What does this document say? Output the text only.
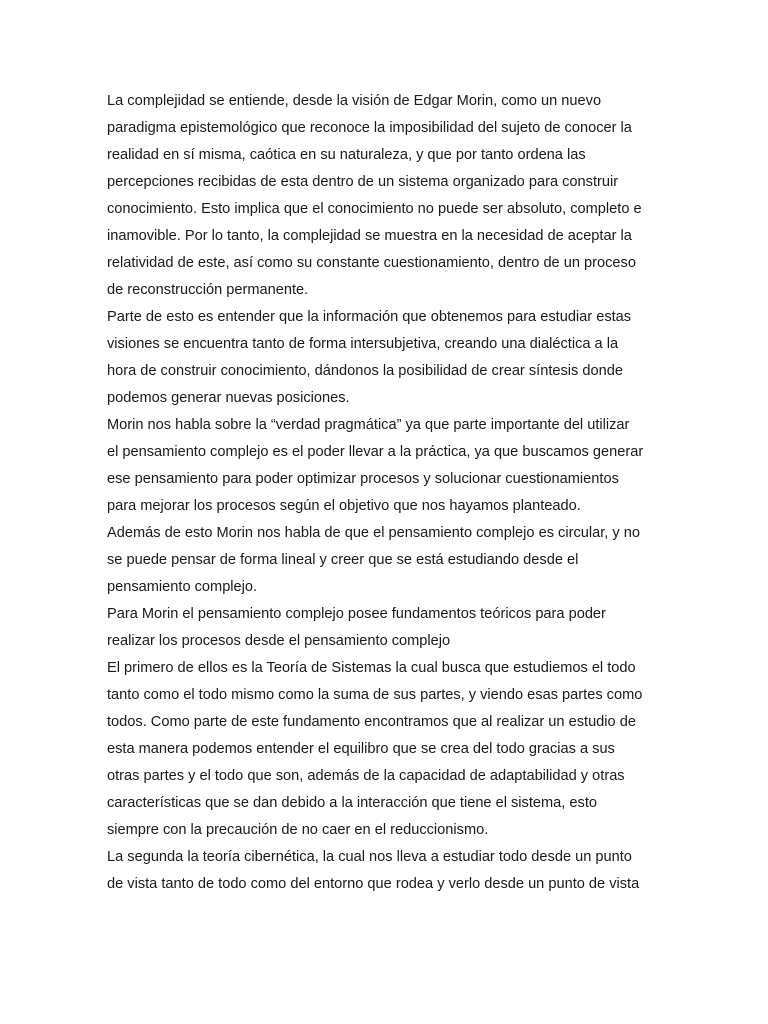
La complejidad se entiende, desde la visión de Edgar Morin, como un nuevo
paradigma epistemológico que reconoce la imposibilidad del sujeto de conocer la
realidad en sí misma, caótica en su naturaleza, y que por tanto ordena las
percepciones recibidas de esta dentro de un sistema organizado para construir
conocimiento. Esto implica que el conocimiento no puede ser absoluto, completo e
inamovible. Por lo tanto, la complejidad se muestra en la necesidad de aceptar la
relatividad de este, así como su constante cuestionamiento, dentro de un proceso
de reconstrucción permanente.
Parte de esto es entender que la información que obtenemos para estudiar estas
visiones se encuentra tanto de forma intersubjetiva, creando una dialéctica a la
hora de construir conocimiento, dándonos la posibilidad de crear síntesis donde
podemos generar nuevas posiciones.
Morin nos habla sobre la “verdad pragmática” ya que parte importante del utilizar
el pensamiento complejo es el poder llevar a la práctica, ya que buscamos generar
ese pensamiento para poder optimizar procesos y solucionar cuestionamientos
para mejorar los procesos según el objetivo que nos hayamos planteado.
Además de esto Morin nos habla de que el pensamiento complejo es circular, y no
se puede pensar de forma lineal y creer que se está estudiando desde el
pensamiento complejo.
Para Morin el pensamiento complejo posee fundamentos teóricos para poder
realizar los procesos desde el pensamiento complejo
El primero de ellos es la Teoría de Sistemas la cual busca que estudiemos el todo
tanto como el todo mismo como la suma de sus partes, y viendo esas partes como
todos. Como parte de este fundamento encontramos que al realizar un estudio de
esta manera podemos entender el equilibro que se crea del todo gracias a sus
otras partes y el todo que son, además de la capacidad de adaptabilidad y otras
características que se dan debido a la interacción que tiene el sistema, esto
siempre con la precaución de no caer en el reduccionismo.
La segunda la teoría cibernética, la cual nos lleva a estudiar todo desde un punto
de vista tanto de todo como del entorno que rodea y verlo desde un punto de vista
